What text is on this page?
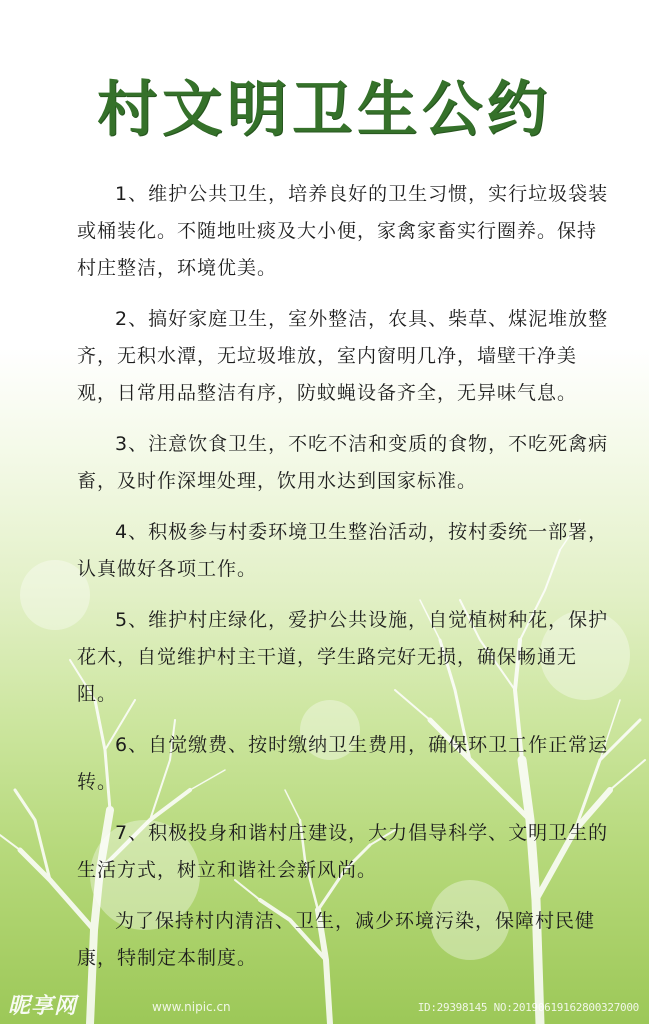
村文明卫生公约

1、维护公共卫生，培养良好的卫生习惯，实行垃圾袋装或桶装化。不随地吐痰及大小便，家禽家畜实行圈养。保持村庄整洁，环境优美。

2、搞好家庭卫生，室外整洁，农具、柴草、煤泥堆放整齐，无积水潭，无垃圾堆放，室内窗明几净，墙壁干净美观，日常用品整洁有序，防蚊蝇设备齐全，无异味气息。

3、注意饮食卫生，不吃不洁和变质的食物，不吃死禽病畜，及时作深埋处理，饮用水达到国家标准。

4、积极参与村委环境卫生整治活动，按村委统一部署，认真做好各项工作。

5、维护村庄绿化，爱护公共设施，自觉植树种花，保护花木，自觉维护村主干道，学生路完好无损，确保畅通无阻。

6、自觉缴费、按时缴纳卫生费用，确保环卫工作正常运转。

7、积极投身和谐村庄建设，大力倡导科学、文明卫生的生活方式，树立和谐社会新风尚。

为了保持村内清洁、卫生，减少环境污染，保障村民健康，特制定本制度。

昵享网	www.nipic.cn	ID:29398145 NO:20190619162800327000
